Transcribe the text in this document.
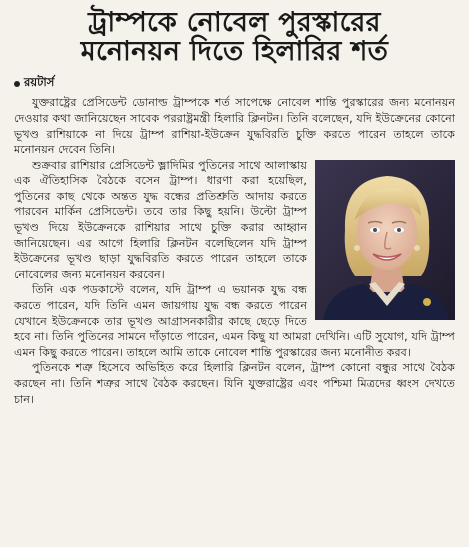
ট্রাম্পকে নোবেল পুরস্কারের
মনোনয়ন দিতে হিলারির শর্ত
রয়টার্স

যুক্তরাষ্ট্রের প্রেসিডেন্ট ডোনাল্ড ট্রাম্পকে শর্ত সাপেক্ষে নোবেল শান্তি পুরস্কারের জন্য মনোনয়ন দেওয়ার কথা জানিয়েছেন সাবেক পররাষ্ট্রমন্ত্রী হিলারি ক্লিনটন। তিনি বলেছেন, যদি ইউক্রেনের কোনো ভূখণ্ড রাশিয়াকে না দিয়ে ট্রাম্প রাশিয়া-ইউক্রেন যুদ্ধবিরতি চুক্তি করতে পারেন তাহলে তাকে মনোনয়ন দেবেন তিনি।

শুক্রবার রাশিয়ার প্রেসিডেন্ট ভ্লাদিমির পুতিনের সাথে আলাস্কায় এক ঐতিহাসিক বৈঠকে বসেন ট্রাম্প। ধারণা করা হয়েছিল, পুতিনের কাছ থেকে অন্তত যুদ্ধ বন্ধের প্রতিশ্রুতি আদায় করতে পারবেন মার্কিন প্রেসিডেন্ট। তবে তার কিছু হয়নি। উল্টো ট্রাম্প ভূখণ্ড দিয়ে ইউক্রেনকে রাশিয়ার সাথে চুক্তি করার আহ্বান জানিয়েছেন। এর আগে হিলারি ক্লিনটন বলেছিলেন যদি ট্রাম্প ইউক্রেনের ভূখণ্ড ছাড়া যুদ্ধবিরতি করতে পারেন তাহলে তাকে নোবেলের জন্য মনোনয়ন করবেন।

তিনি এক পডকাস্টে বলেন, যদি ট্রাম্প এ ভয়ানক যুদ্ধ বন্ধ করতে পারেন, যদি তিনি এমন জায়গায় যুদ্ধ বন্ধ করতে পারেন যেখানে ইউক্রেনকে তার ভূখণ্ড আগ্রাসনকারীর কাছে ছেড়ে দিতে হবে না। তিনি পুতিনের সামনে দাঁড়াতে পারেন, এমন কিছু যা আমরা দেখিনি। এটি সুযোগ, যদি ট্রাম্প এমন কিছু করতে পারেন। তাহলে আমি তাকে নোবেল শান্তি পুরস্কারের জন্য মনোনীত করব।

পুতিনকে শত্রু হিসেবে অভিহিত করে হিলারি ক্লিনটন বলেন, ট্রাম্প কোনো বন্ধুর সাথে বৈঠক করছেন না। তিনি শত্রুর সাথে বৈঠক করছেন। যিনি যুক্তরাষ্ট্রের এবং পশ্চিমা মিত্রদের ধ্বংস দেখতে চান।
